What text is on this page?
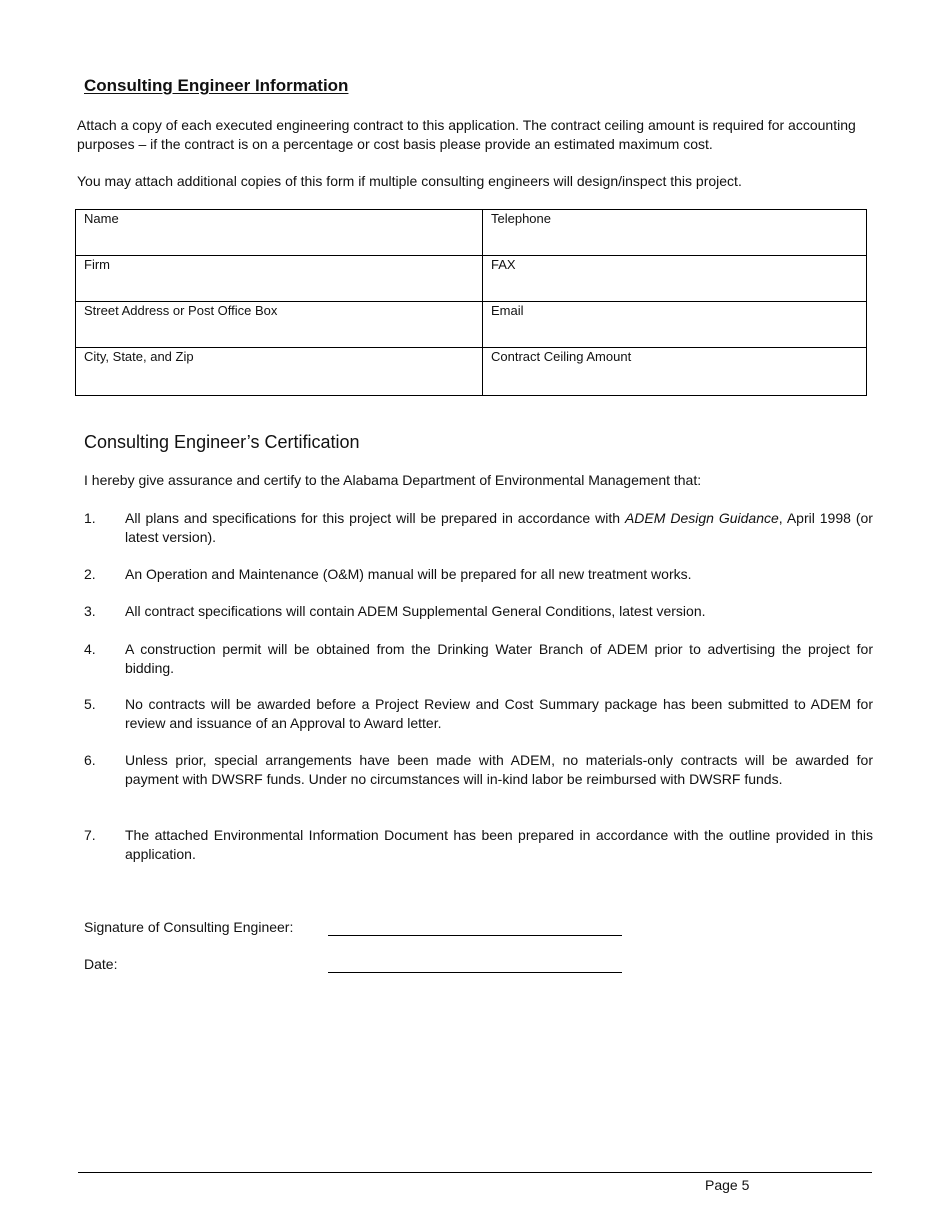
Consulting Engineer Information
Attach a copy of each executed engineering contract to this application. The contract ceiling amount is required for accounting purposes – if the contract is on a percentage or cost basis please provide an estimated maximum cost.
You may attach additional copies of this form if multiple consulting engineers will design/inspect this project.
Name	Telephone
Firm	FAX
Street Address or Post Office Box	Email
City, State, and Zip	Contract Ceiling Amount
Consulting Engineer’s Certification
I hereby give assurance and certify to the Alabama Department of Environmental Management that:
1. All plans and specifications for this project will be prepared in accordance with ADEM Design Guidance, April 1998 (or latest version).
2. An Operation and Maintenance (O&M) manual will be prepared for all new treatment works.
3. All contract specifications will contain ADEM Supplemental General Conditions, latest version.
4. A construction permit will be obtained from the Drinking Water Branch of ADEM prior to advertising the project for bidding.
5. No contracts will be awarded before a Project Review and Cost Summary package has been submitted to ADEM for review and issuance of an Approval to Award letter.
6. Unless prior, special arrangements have been made with ADEM, no materials-only contracts will be awarded for payment with DWSRF funds. Under no circumstances will in-kind labor be reimbursed with DWSRF funds.
7. The attached Environmental Information Document has been prepared in accordance with the outline provided in this application.
Signature of Consulting Engineer:
Date:
Page 5
